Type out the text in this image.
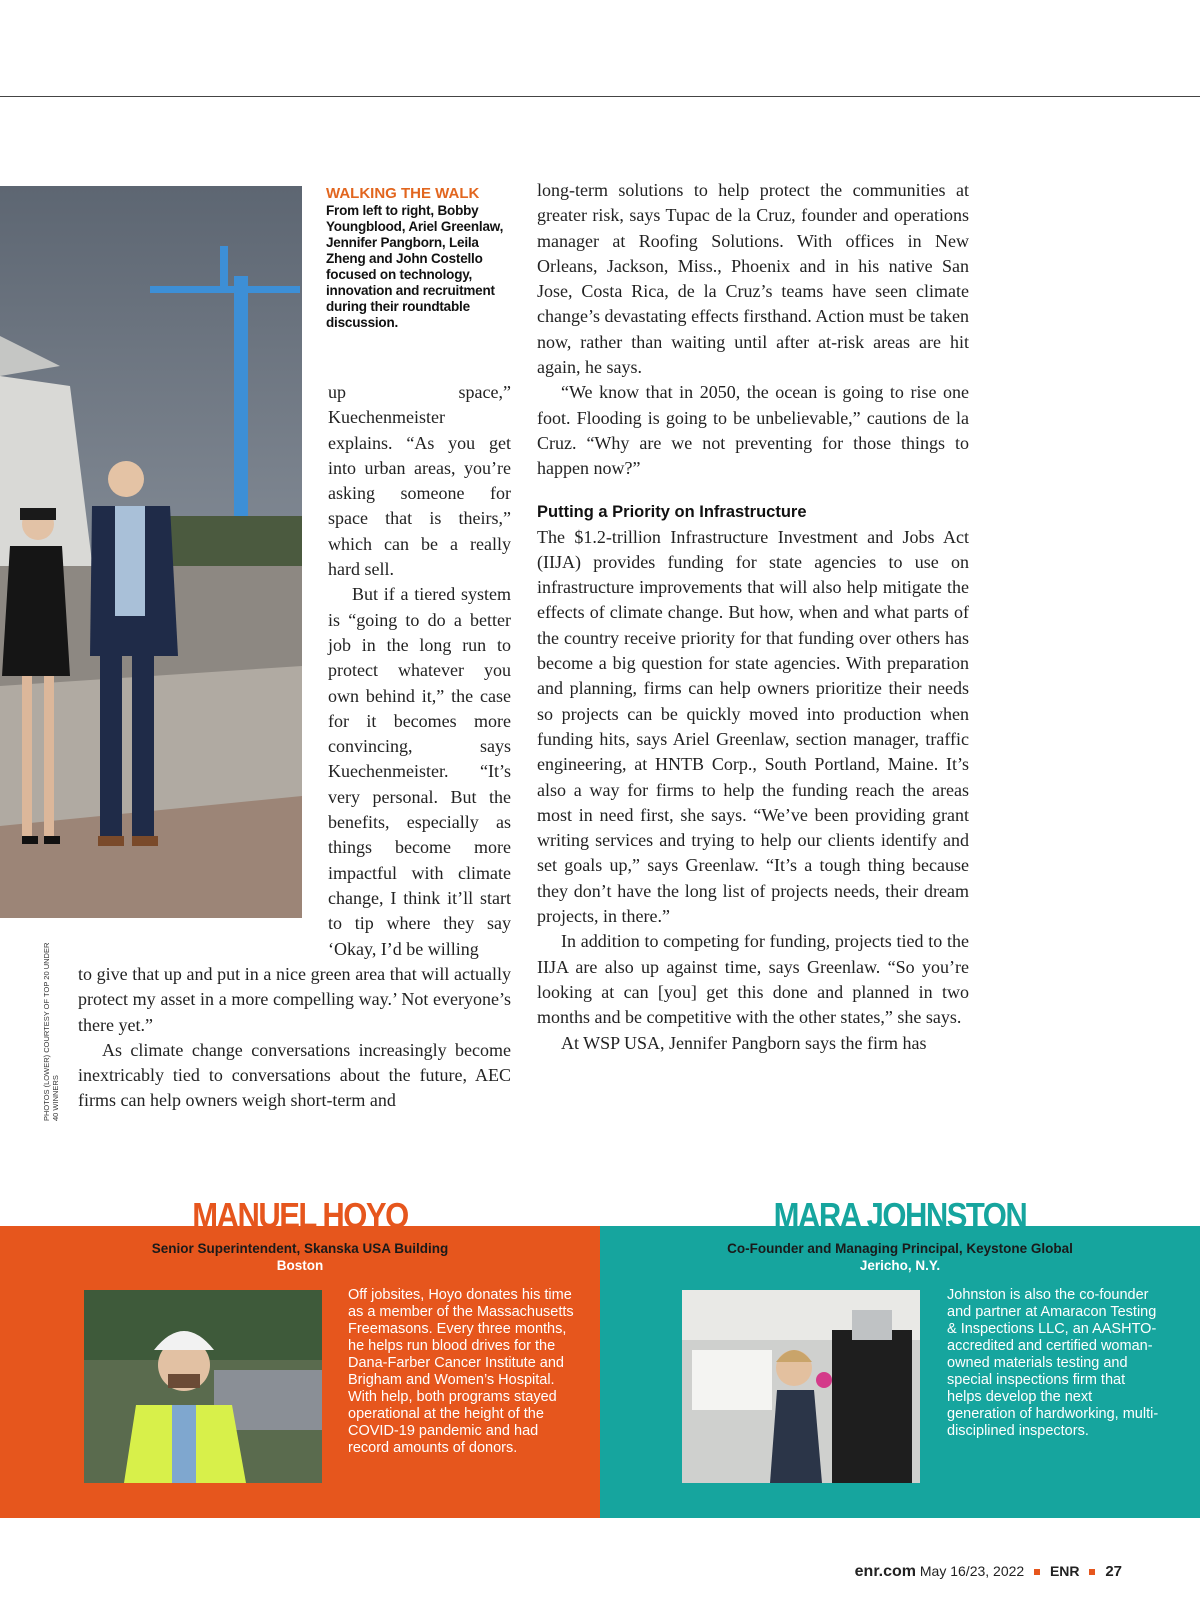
WALKING THE WALK
From left to right, Bobby Youngblood, Ariel Greenlaw, Jennifer Pangborn, Leila Zheng and John Costello focused on technology, innovation and recruitment during their roundtable discussion.
PHOTOS (LOWER) COURTESY OF TOP 20 UNDER 40 WINNERS

up space,” Kuechenmeister explains. “As you get into urban areas, you’re asking someone for space that is theirs,” which can be a really hard sell.

But if a tiered system is “going to do a better job in the long run to protect whatever you own behind it,” the case for it becomes more convincing, says Kuechenmeister. “It’s very personal. But the benefits, especially as things become more impactful with climate change, I think it’ll start to tip where they say ‘Okay, I’d be willing

to give that up and put in a nice green area that will actually protect my asset in a more compelling way.’ Not everyone’s there yet.”

As climate change conversations increasingly become inextricably tied to conversations about the future, AEC firms can help owners weigh short-term and

long-term solutions to help protect the communities at greater risk, says Tupac de la Cruz, founder and operations manager at Roofing Solutions. With offices in New Orleans, Jackson, Miss., Phoenix and in his native San Jose, Costa Rica, de la Cruz’s teams have seen climate change’s devastating effects firsthand. Action must be taken now, rather than waiting until after at-risk areas are hit again, he says.

“We know that in 2050, the ocean is going to rise one foot. Flooding is going to be unbelievable,” cautions de la Cruz. “Why are we not preventing for those things to happen now?”

Putting a Priority on Infrastructure

The $1.2-trillion Infrastructure Investment and Jobs Act (IIJA) provides funding for state agencies to use on infrastructure improvements that will also help mitigate the effects of climate change. But how, when and what parts of the country receive priority for that funding over others has become a big question for state agencies. With preparation and planning, firms can help owners prioritize their needs so projects can be quickly moved into production when funding hits, says Ariel Greenlaw, section manager, traffic engineering, at HNTB Corp., South Portland, Maine. It’s also a way for firms to help the funding reach the areas most in need first, she says. “We’ve been providing grant writing services and trying to help our clients identify and set goals up,” says Greenlaw. “It’s a tough thing because they don’t have the long list of projects needs, their dream projects, in there.”

In addition to competing for funding, projects tied to the IIJA are also up against time, says Greenlaw. “So you’re looking at can [you] get this done and planned in two months and be competitive with the other states,” she says.

At WSP USA, Jennifer Pangborn says the firm has

MANUEL HOYO	MARA JOHNSTON
Senior Superintendent, Skanska USA Building
Boston
Co-Founder and Managing Principal, Keystone Global
Jericho, N.Y.
Off jobsites, Hoyo donates his time as a member of the Massachusetts Freemasons. Every three months, he helps run blood drives for the Dana-Farber Cancer Institute and Brigham and Women’s Hospital. With help, both programs stayed operational at the height of the COVID-19 pandemic and had record amounts of donors.
Johnston is also the co-founder and partner at Amaracon Testing & Inspections LLC, an AASHTO-accredited and certified woman-owned materials testing and special inspections firm that helps develop the next generation of hardworking, multi-disciplined inspectors.
enr.com May 16/23, 2022 ENR 27
